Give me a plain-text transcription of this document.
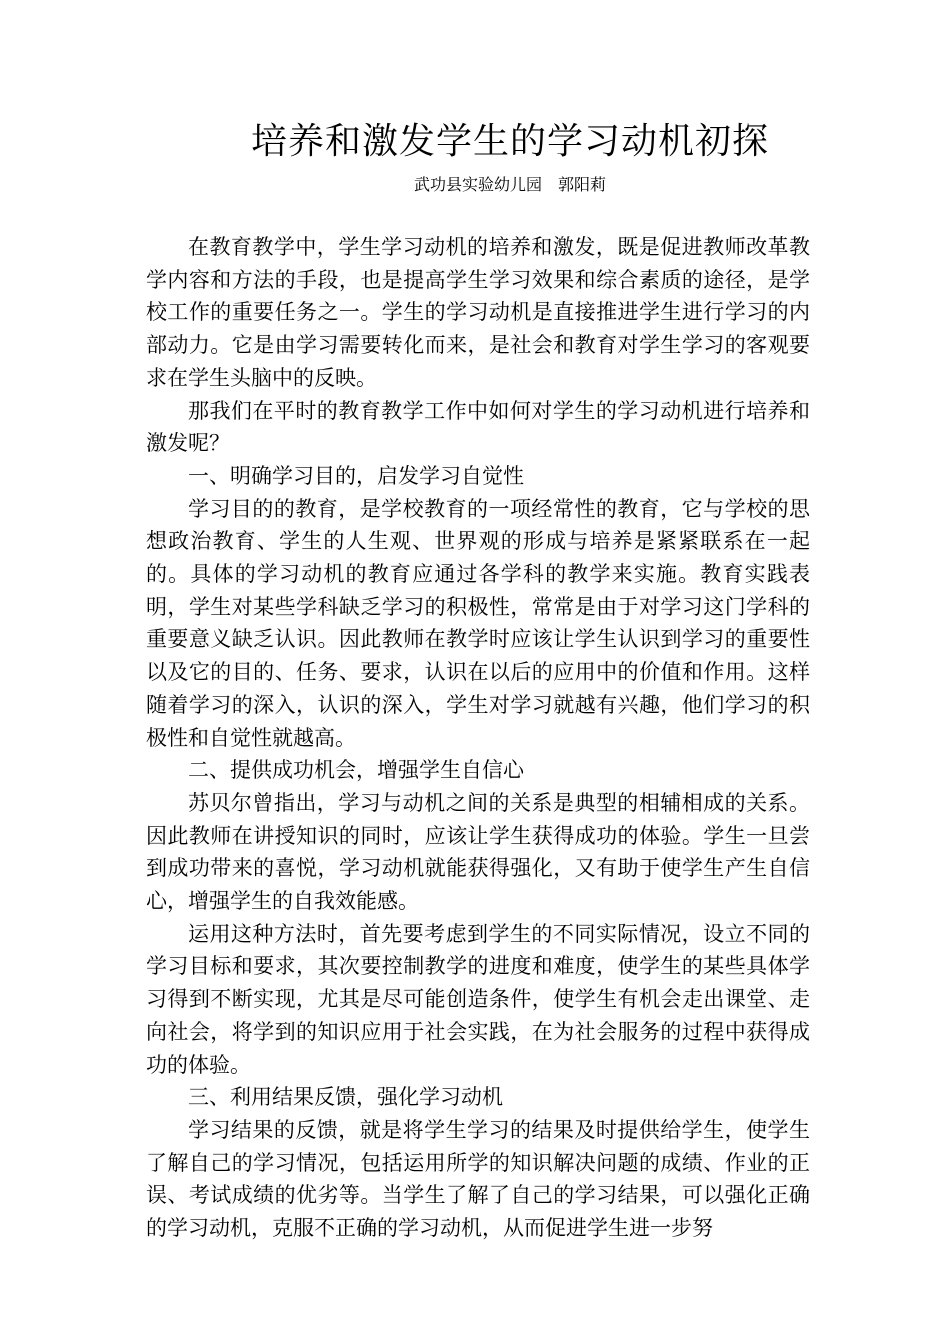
培养和激发学生的学习动机初探
武功县实验幼儿园　郭阳莉

在教育教学中，学生学习动机的培养和激发，既是促进教师改革教学内容和方法的手段，也是提高学生学习效果和综合素质的途径，是学校工作的重要任务之一。学生的学习动机是直接推进学生进行学习的内部动力。它是由学习需要转化而来，是社会和教育对学生学习的客观要求在学生头脑中的反映。

那我们在平时的教育教学工作中如何对学生的学习动机进行培养和激发呢？

一、明确学习目的，启发学习自觉性

学习目的的教育，是学校教育的一项经常性的教育，它与学校的思想政治教育、学生的人生观、世界观的形成与培养是紧紧联系在一起的。具体的学习动机的教育应通过各学科的教学来实施。教育实践表明，学生对某些学科缺乏学习的积极性，常常是由于对学习这门学科的重要意义缺乏认识。因此教师在教学时应该让学生认识到学习的重要性以及它的目的、任务、要求，认识在以后的应用中的价值和作用。这样随着学习的深入，认识的深入，学生对学习就越有兴趣，他们学习的积极性和自觉性就越高。

二、提供成功机会，增强学生自信心

苏贝尔曾指出，学习与动机之间的关系是典型的相辅相成的关系。因此教师在讲授知识的同时，应该让学生获得成功的体验。学生一旦尝到成功带来的喜悦，学习动机就能获得强化，又有助于使学生产生自信心，增强学生的自我效能感。

运用这种方法时，首先要考虑到学生的不同实际情况，设立不同的学习目标和要求，其次要控制教学的进度和难度，使学生的某些具体学习得到不断实现，尤其是尽可能创造条件，使学生有机会走出课堂、走向社会，将学到的知识应用于社会实践，在为社会服务的过程中获得成功的体验。

三、利用结果反馈，强化学习动机

学习结果的反馈，就是将学生学习的结果及时提供给学生，使学生了解自己的学习情况，包括运用所学的知识解决问题的成绩、作业的正误、考试成绩的优劣等。当学生了解了自己的学习结果，可以强化正确的学习动机，克服不正确的学习动机，从而促进学生进一步努
